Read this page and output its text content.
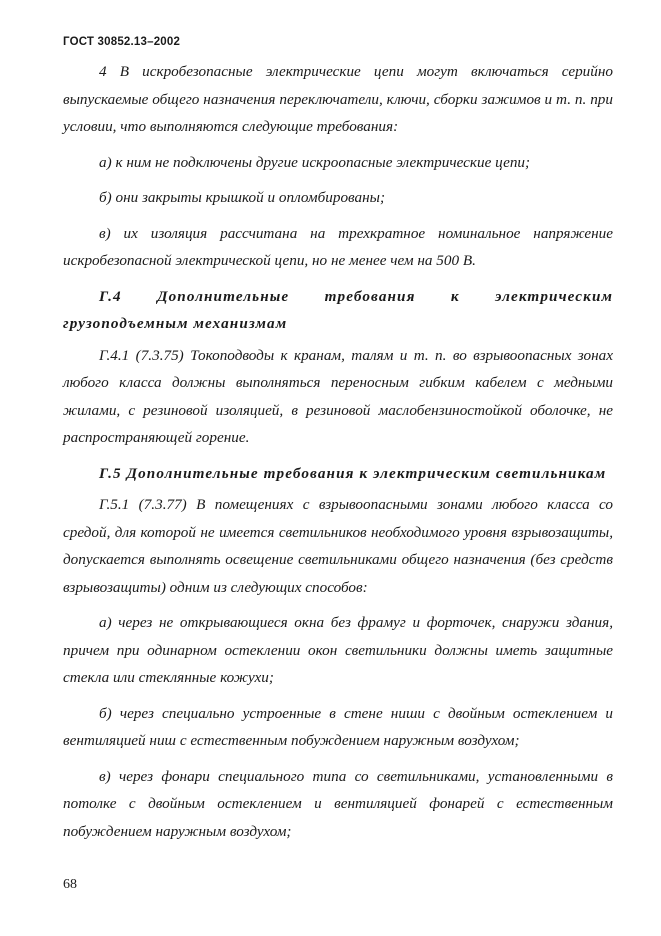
ГОСТ 30852.13–2002

4 В искробезопасные электрические цепи могут включаться серийно выпускаемые общего назначения переключатели, ключи, сборки зажимов и т. п. при условии, что выполняются следующие требования:

а) к ним не подключены другие искроопасные электрические цепи;

б) они закрыты крышкой и опломбированы;

в) их изоляция рассчитана на трехкратное номинальное напряжение искробезопасной электрической цепи, но не менее чем на 500 В.

Г.4 Дополнительные требования к электрическим грузоподъемным механизмам

Г.4.1 (7.3.75) Токоподводы к кранам, талям и т. п. во взрывоопасных зонах любого класса должны выполняться переносным гибким кабелем с медными жилами, с резиновой изоляцией, в резиновой маслобензиностойкой оболочке, не распространяющей горение.

Г.5 Дополнительные требования к электрическим светильникам

Г.5.1 (7.3.77) В помещениях с взрывоопасными зонами любого класса со средой, для которой не имеется светильников необходимого уровня взрывозащиты, допускается выполнять освещение светильниками общего назначения (без средств взрывозащиты) одним из следующих способов:

а) через не открывающиеся окна без фрамуг и форточек, снаружи здания, причем при одинарном остеклении окон светильники должны иметь защитные стекла или стеклянные кожухи;

б) через специально устроенные в стене ниши с двойным остеклением и вентиляцией ниш с естественным побуждением наружным воздухом;

в) через фонари специального типа со светильниками, установленными в потолке с двойным остеклением и вентиляцией фонарей с естественным побуждением наружным воздухом;

68
